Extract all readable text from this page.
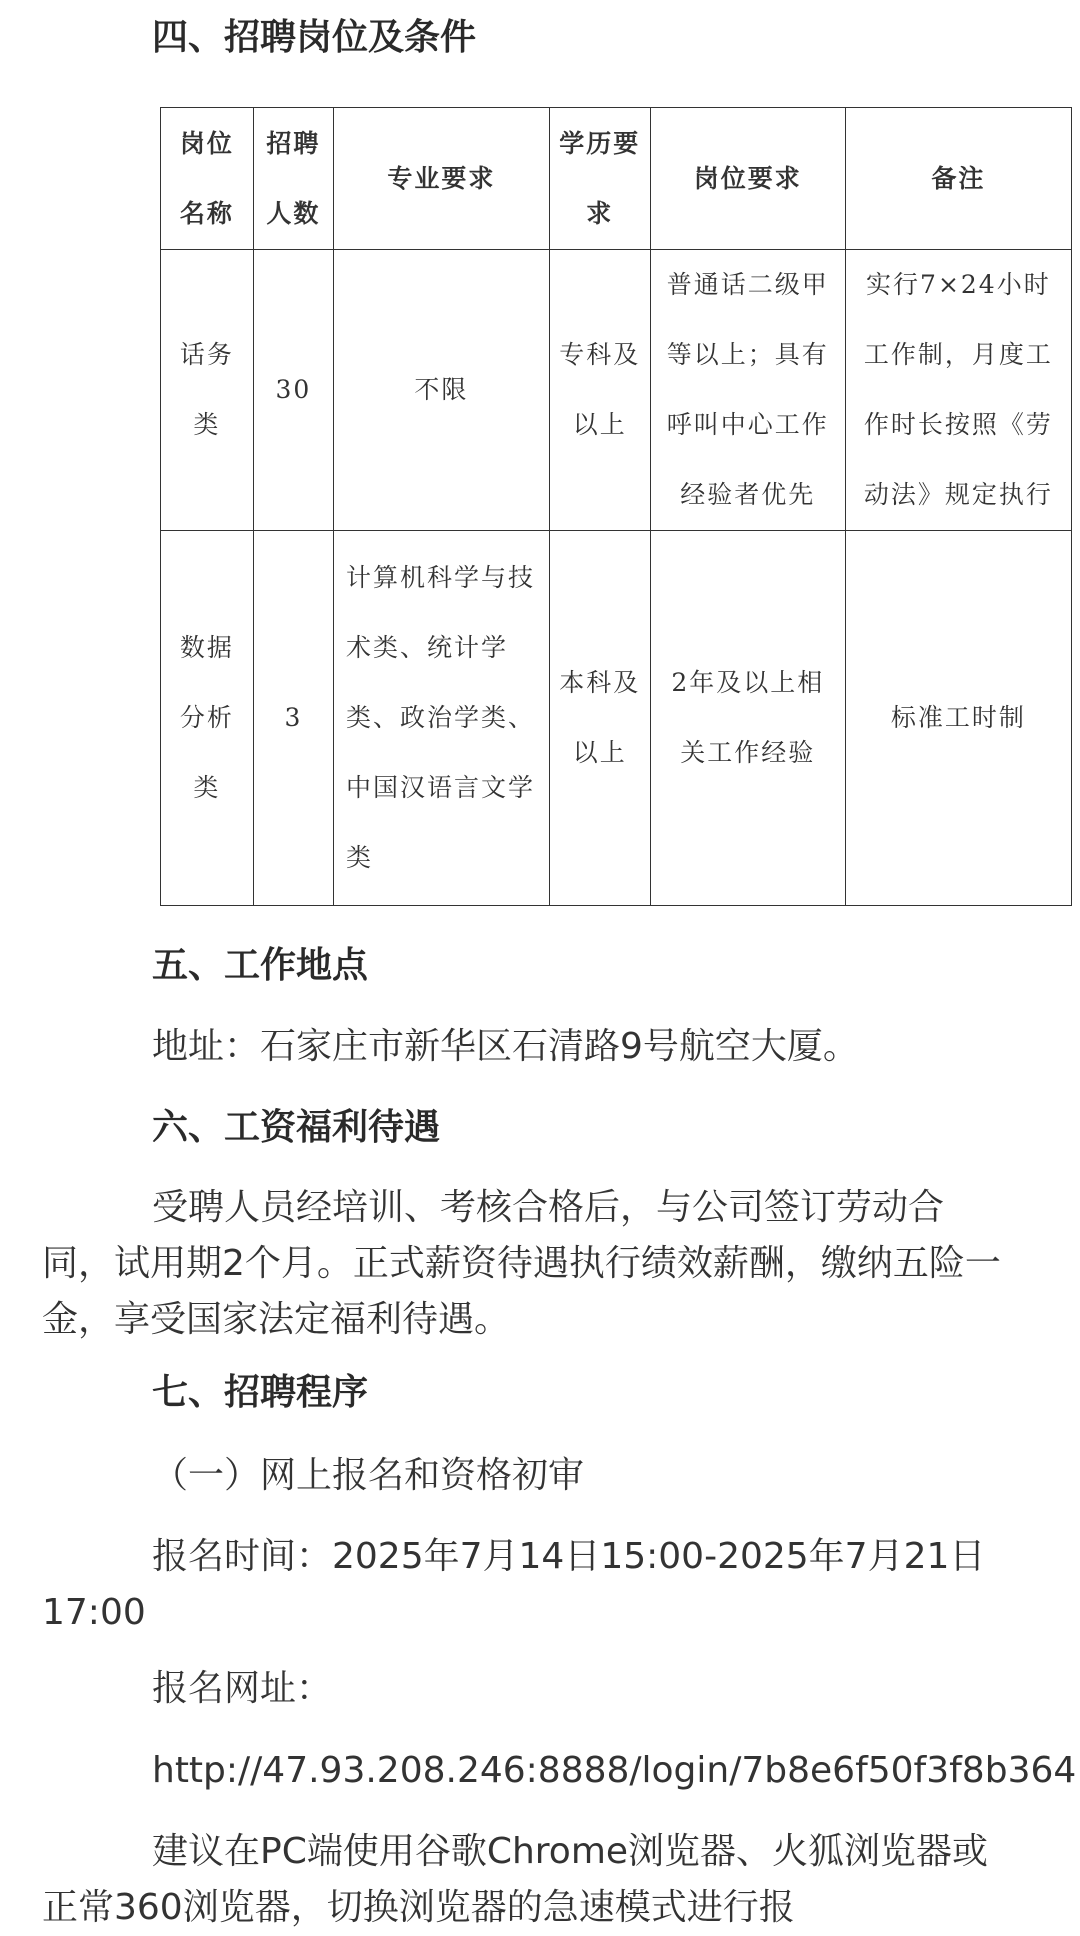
四、招聘岗位及条件
岗位名称	招聘人数	专业要求	学历要求	岗位要求	备注

话务类	30	不限	专科及以上	普通话二级甲等以上；具有呼叫中心工作经验者优先	实行7×24小时工作制，月度工作时长按照《劳动法》规定执行

数据分析类	3	计算机科学与技术类、统计学类、政治学类、中国汉语言文学类	本科及以上	2年及以上相关工作经验	标准工时制
五、工作地点
地址：石家庄市新华区石清路9号航空大厦。
六、工资福利待遇
受聘人员经培训、考核合格后，与公司签订劳动合同，试用期2个月。正式薪资待遇执行绩效薪酬，缴纳五险一金，享受国家法定福利待遇。
七、招聘程序
（一）网上报名和资格初审
报名时间：2025年7月14日15:00-2025年7月21日17:00
报名网址：
http://47.93.208.246:8888/login/7b8e6f50f3f8b364
建议在PC端使用谷歌Chrome浏览器、火狐浏览器或正常360浏览器，切换浏览器的急速模式进行报
